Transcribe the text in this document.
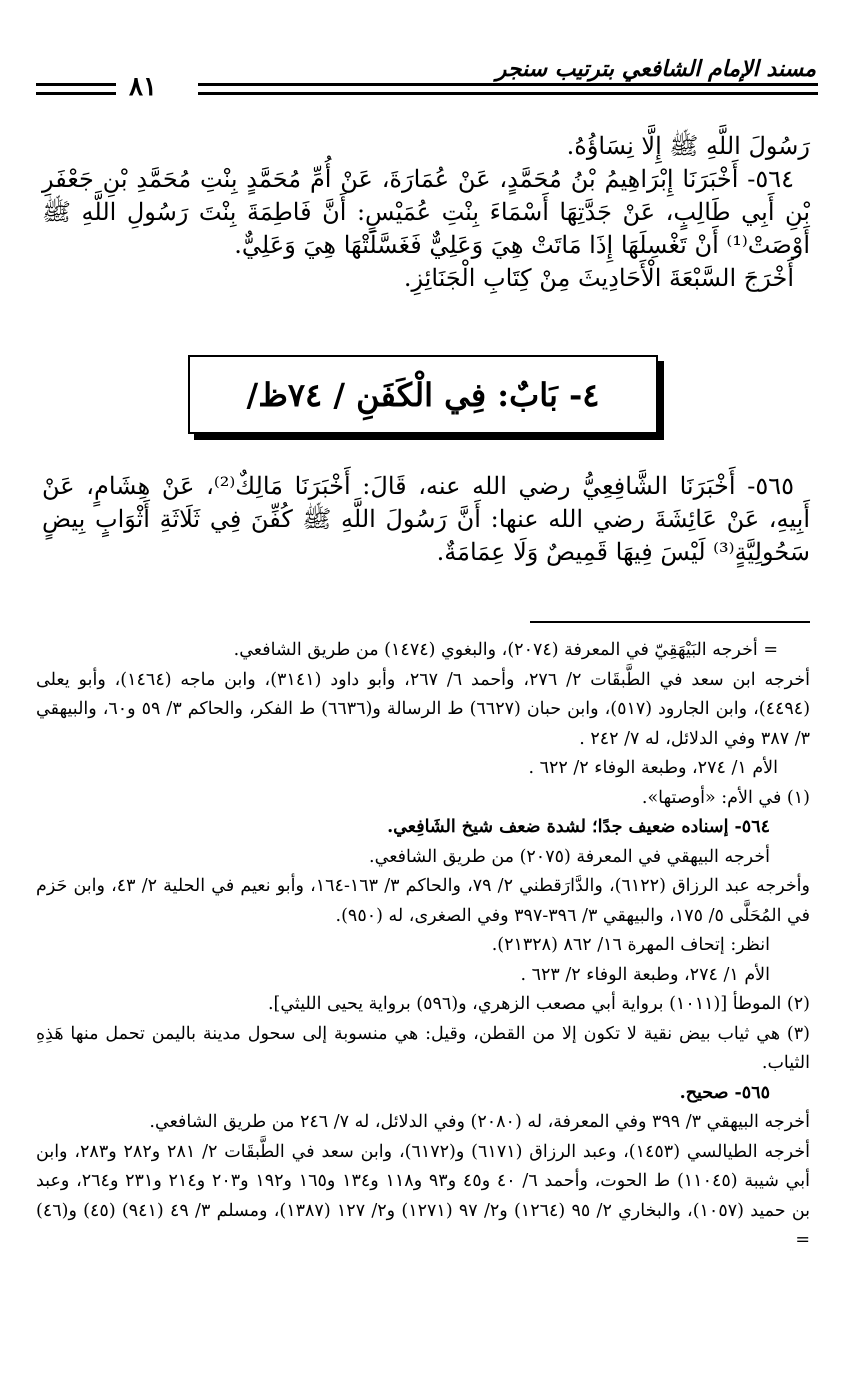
مسند الإمام الشافعي بترتيب سنجر
٨١

رَسُولَ اللَّهِ ﷺ إِلَّا نِسَاؤُهُ.

٥٦٤- أَخْبَرَنَا إِبْرَاهِيمُ بْنُ مُحَمَّدٍ، عَنْ عُمَارَةَ، عَنْ أُمِّ مُحَمَّدٍ بِنْتِ مُحَمَّدِ بْنِ جَعْفَرِ بْنِ أَبِي طَالِبٍ، عَنْ جَدَّتِهَا أَسْمَاءَ بِنْتِ عُمَيْسٍ: أَنَّ فَاطِمَةَ بِنْتَ رَسُولِ اللَّهِ ﷺ أَوْصَتْ⁽¹⁾ أَنْ تَغْسِلَهَا إِذَا مَاتَتْ هِيَ وَعَلِيٌّ فَغَسَّلَتْهَا هِيَ وَعَلِيٌّ.

أَخْرَجَ السَّبْعَةَ الْأَحَادِيثَ مِنْ كِتَابِ الْجَنَائِزِ.

٤- بَابٌ: فِي الْكَفَنِ / ٧٤ظ/

٥٦٥- أَخْبَرَنَا الشَّافِعِيُّ رضي الله عنه، قَالَ: أَخْبَرَنَا مَالِكٌ⁽²⁾، عَنْ هِشَامٍ، عَنْ أَبِيهِ، عَنْ عَائِشَةَ رضي الله عنها: أَنَّ رَسُولَ اللَّهِ ﷺ كُفِّنَ فِي ثَلَاثَةِ أَثْوَابٍ بِيضٍ سَحُولِيَّةٍ⁽³⁾ لَيْسَ فِيهَا قَمِيصٌ وَلَا عِمَامَةٌ.

= أخرجه البَيْهَقِيّ في المعرفة (٢٠٧٤)، والبغوي (١٤٧٤) من طريق الشافعي.

أخرجه ابن سعد في الطَّبقَات ٢/ ٢٧٦، وأحمد ٦/ ٢٦٧، وأبو داود (٣١٤١)، وابن ماجه (١٤٦٤)، وأبو يعلى (٤٤٩٤)، وابن الجارود (٥١٧)، وابن حبان (٦٦٢٧) ط الرسالة و(٦٦٣٦) ط الفكر، والحاكم ٣/ ٥٩ و٦٠، والبيهقي ٣/ ٣٨٧ وفي الدلائل، له ٧/ ٢٤٢ .

الأم ١/ ٢٧٤، وطبعة الوفاء ٢/ ٦٢٢ .

(١) في الأم: «أوصتها».

٥٦٤- إسناده ضعيف جدًا؛ لشدة ضعف شيخ الشَافِعي.

أخرجه البيهقي في المعرفة (٢٠٧٥) من طريق الشافعي.

وأخرجه عبد الرزاق (٦١٢٢)، والدَّارَقطني ٢/ ٧٩، والحاكم ٣/ ١٦٣-١٦٤، وأبو نعيم في الحلية ٢/ ٤٣، وابن حَزم في المُحَلَّى ٥/ ١٧٥، والبيهقي ٣/ ٣٩٦-٣٩٧ وفي الصغرى، له (٩٥٠).

انظر: إتحاف المهرة ١٦/ ٨٦٢ (٢١٣٢٨).

الأم ١/ ٢٧٤، وطبعة الوفاء ٢/ ٦٢٣ .

(٢) الموطأ [(١٠١١) برواية أبي مصعب الزهري، و(٥٩٦) برواية يحيى الليثي].

(٣) هي ثياب بيض نقية لا تكون إلا من القطن، وقيل: هي منسوبة إلى سحول مدينة باليمن تحمل منها هَذِهِ الثياب.

٥٦٥- صحيح.

أخرجه البيهقي ٣/ ٣٩٩ وفي المعرفة، له (٢٠٨٠) وفي الدلائل، له ٧/ ٢٤٦ من طريق الشافعي.

أخرجه الطيالسي (١٤٥٣)، وعبد الرزاق (٦١٧١) و(٦١٧٢)، وابن سعد في الطَّبقَات ٢/ ٢٨١ و٢٨٢ و٢٨٣، وابن أبي شيبة (١١٠٤٥) ط الحوت، وأحمد ٦/ ٤٠ و٤٥ و٩٣ و١١٨ و١٣٤ و١٦٥ و١٩٢ و٢٠٣ و٢١٤ و٢٣١ و٢٦٤، وعبد بن حميد (١٠٥٧)، والبخاري ٢/ ٩٥ (١٢٦٤) و٢/ ٩٧ (١٢٧١) و٢/ ١٢٧ (١٣٨٧)، ومسلم ٣/ ٤٩ (٩٤١) (٤٥) و(٤٦) =
